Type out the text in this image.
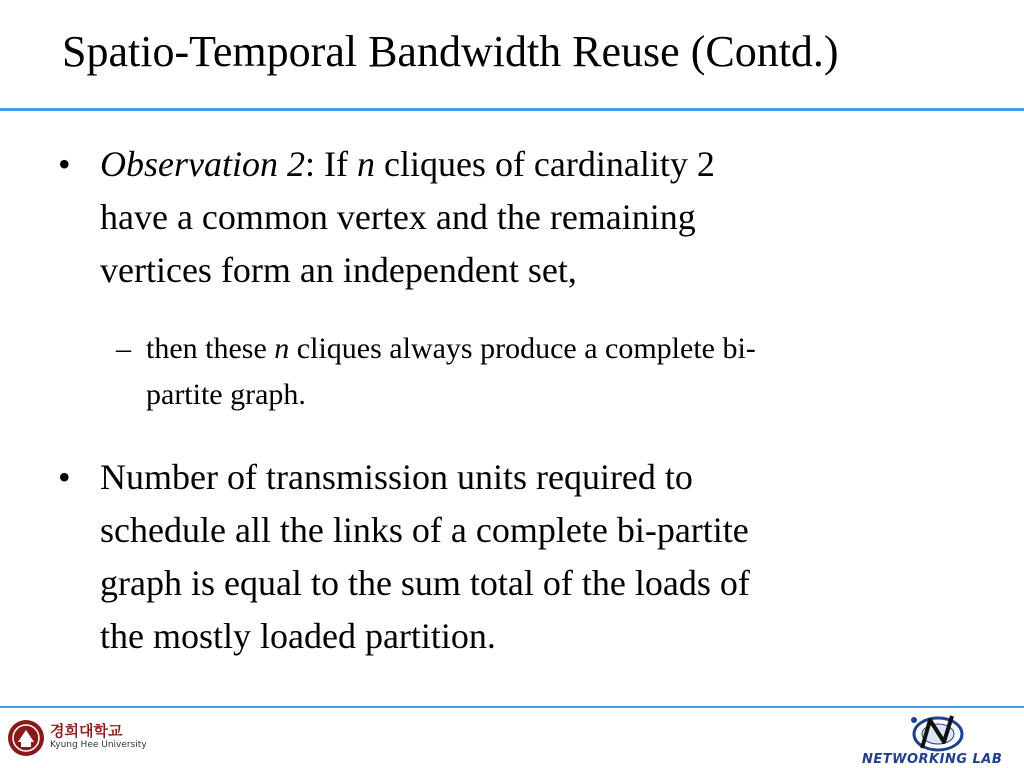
Spatio-Temporal Bandwidth Reuse (Contd.)
• Observation 2: If n cliques of cardinality 2
have a common vertex and the remaining
vertices form an independent set,
– then these n cliques always produce a complete bi-
partite graph.
• Number of transmission units required to
schedule all the links of a complete bi-partite
graph is equal to the sum total of the loads of
the mostly loaded partition.
경희대학교
Kyung Hee University
NETWORKING LAB
